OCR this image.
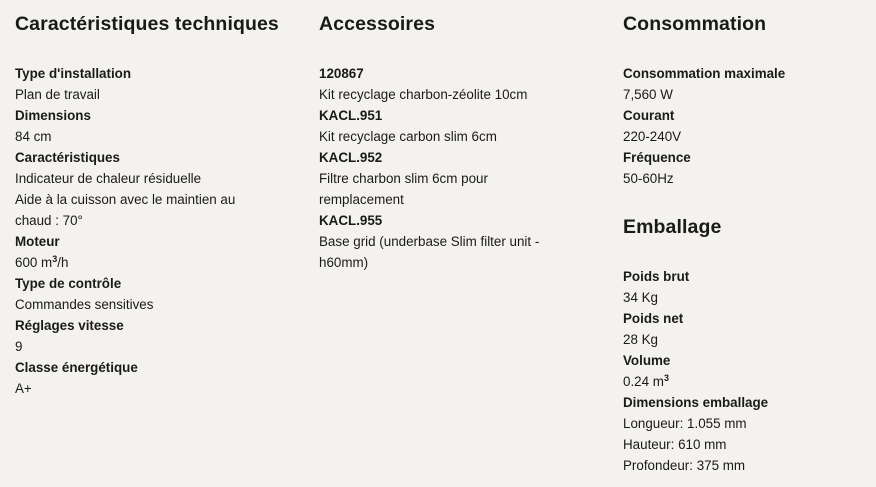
Caractéristiques techniques
Type d'installation
Plan de travail
Dimensions
84 cm
Caractéristiques
Indicateur de chaleur résiduelle
Aide à la cuisson avec le maintien au chaud : 70°
Moteur
600 $m^3/h$
Type de contrôle
Commandes sensitives
Réglages vitesse
9
Classe énergétique
A+
Accessoires
120867
Kit recyclage charbon-zéolite 10cm
KACL.951
Kit recyclage carbon slim 6cm
KACL.952
Filtre charbon slim 6cm pour remplacement
KACL.955
Base grid (underbase Slim filter unit - h60mm)
Consommation
Consommation maximale
7,560 W
Courant
220-240V
Fréquence
50-60Hz
Emballage
Poids brut
34 Kg
Poids net
28 Kg
Volume
0.24 $m^3$
Dimensions emballage
Longueur: 1.055 mm
Hauteur: 610 mm
Profondeur: 375 mm
